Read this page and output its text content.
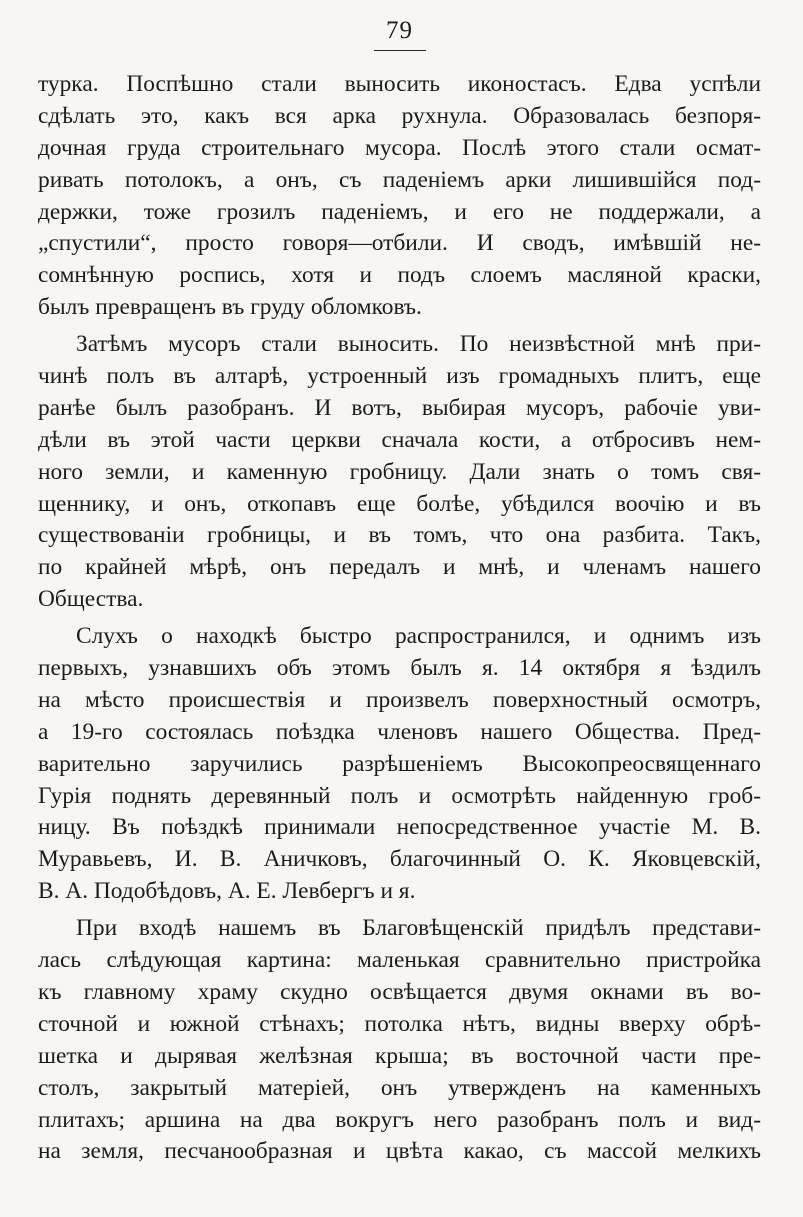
79
турка. Поспѣшно стали выносить иконостасъ. Едва успѣли
сдѣлать это, какъ вся арка рухнула. Образовалась безпоря-
дочная груда строительнаго мусора. Послѣ этого стали осмат-
ривать потолокъ, а онъ, съ паденіемъ арки лишившійся под-
держки, тоже грозилъ паденіемъ, и его не поддержали, а
„спустили“, просто говоря—отбили. И сводъ, имѣвшій не-
сомнѣнную роспись, хотя и подъ слоемъ масляной краски,
былъ превращенъ въ груду обломковъ.
Затѣмъ мусоръ стали выносить. По неизвѣстной мнѣ при-
чинѣ полъ въ алтарѣ, устроенный изъ громадныхъ плитъ, еще
ранѣе былъ разобранъ. И вотъ, выбирая мусоръ, рабочіе уви-
дѣли въ этой части церкви сначала кости, а отбросивъ нем-
ного земли, и каменную гробницу. Дали знать о томъ свя-
щеннику, и онъ, откопавъ еще болѣе, убѣдился воочію и въ
существованіи гробницы, и въ томъ, что она разбита. Такъ,
по крайней мѣрѣ, онъ передалъ и мнѣ, и членамъ нашего
Общества.
Слухъ о находкѣ быстро распространился, и однимъ изъ
первыхъ, узнавшихъ объ этомъ былъ я. 14 октября я ѣздилъ
на мѣсто происшествія и произвелъ поверхностный осмотръ,
а 19-го состоялась поѣздка членовъ нашего Общества. Пред-
варительно заручились разрѣшеніемъ Высокопреосвященнаго
Гурія поднять деревянный полъ и осмотрѣть найденную гроб-
ницу. Въ поѣздкѣ принимали непосредственное участіе М. В.
Муравьевъ, И. В. Аничковъ, благочинный О. К. Яковцевскій,
В. А. Подобѣдовъ, А. Е. Левбергъ и я.
При входѣ нашемъ въ Благовѣщенскій придѣлъ представи-
лась слѣдующая картина: маленькая сравнительно пристройка
къ главному храму скудно освѣщается двумя окнами въ во-
сточной и южной стѣнахъ; потолка нѣтъ, видны вверху обрѣ-
шетка и дырявая желѣзная крыша; въ восточной части пре-
столъ, закрытый матеріей, онъ утвержденъ на каменныхъ
плитахъ; аршина на два вокругъ него разобранъ полъ и вид-
на земля, песчанообразная и цвѣта какао, съ массой мелкихъ
